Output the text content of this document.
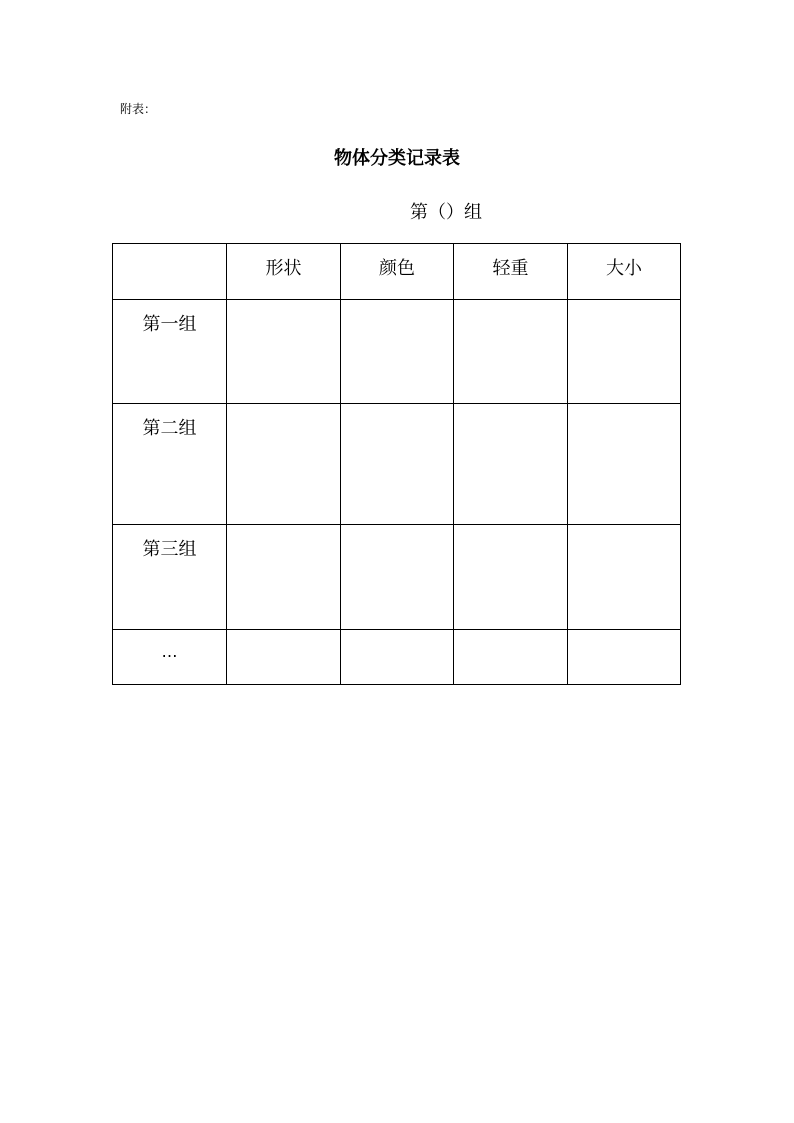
附表：
物体分类记录表
第（）组
	形状	颜色	轻重	大小
第一组				
第二组				
第三组				
…				
